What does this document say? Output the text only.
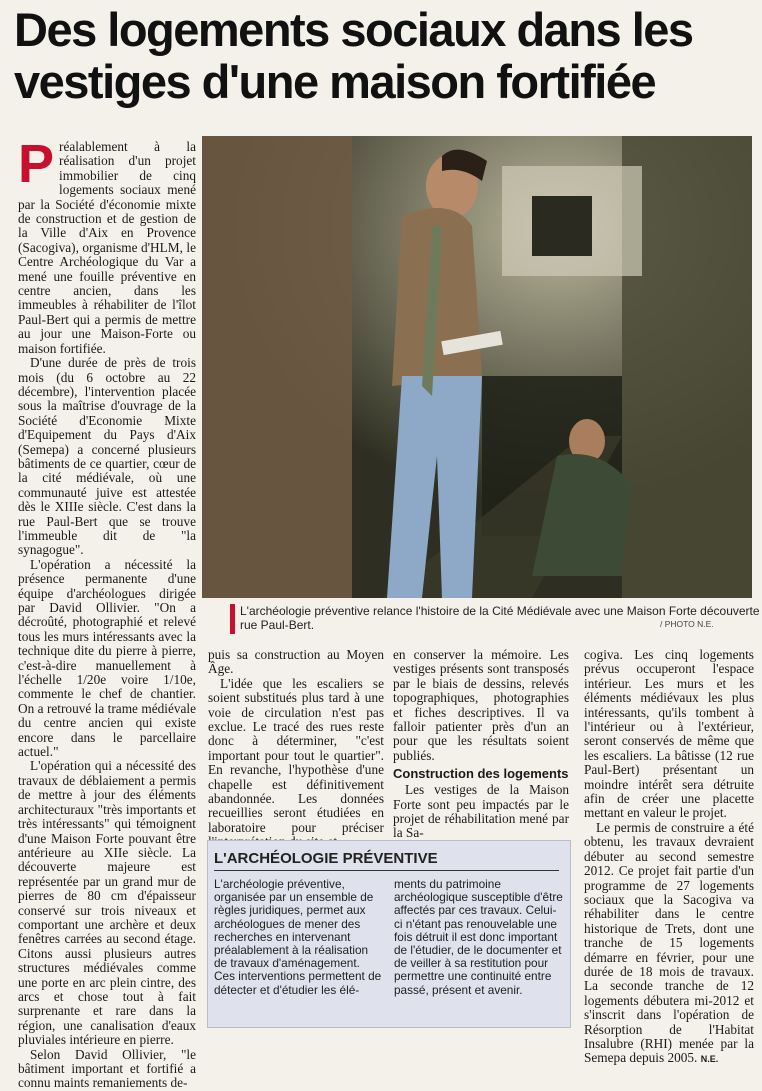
Des logements sociaux dans les vestiges d'une maison fortifiée

Préalablement à la réalisation d'un projet immobilier de cinq logements sociaux mené par la Société d'économie mixte de construction et de gestion de la Ville d'Aix en Provence (Sacogiva), organisme d'HLM, le Centre Archéologique du Var a mené une fouille préventive en centre ancien, dans les immeubles à réhabiliter de l'îlot Paul-Bert qui a permis de mettre au jour une Maison-Forte ou maison fortifiée.

D'une durée de près de trois mois (du 6 octobre au 22 décembre), l'intervention placée sous la maîtrise d'ouvrage de la Société d'Economie Mixte d'Equipement du Pays d'Aix (Semepa) a concerné plusieurs bâtiments de ce quartier, cœur de la cité médiévale, où une communauté juive est attestée dès le XIIIe siècle. C'est dans la rue Paul-Bert que se trouve l'immeuble dit de "la synagogue".

L'opération a nécessité la présence permanente d'une équipe d'archéologues dirigée par David Ollivier. "On a décroûté, photographié et relevé tous les murs intéressants avec la technique dite du pierre à pierre, c'est-à-dire manuellement à l'échelle 1/20e voire 1/10e, commente le chef de chantier. On a retrouvé la trame médiévale du centre ancien qui existe encore dans le parcellaire actuel."

L'opération qui a nécessité des travaux de déblaiement a permis de mettre à jour des éléments architecturaux "très importants et très intéressants" qui témoignent d'une Maison Forte pouvant être antérieure au XIIe siècle. La découverte majeure est représentée par un grand mur de pierres de 80 cm d'épaisseur conservé sur trois niveaux et comportant une archère et deux fenêtres carrées au second étage. Citons aussi plusieurs autres structures médiévales comme une porte en arc plein cintre, des arcs et chose tout à fait surprenante et rare dans la région, une canalisation d'eaux pluviales intérieure en pierre.

Selon David Ollivier, "le bâtiment important et fortifié a connu maints remaniements de-

L'archéologie préventive relance l'histoire de la Cité Médiévale avec une Maison Forte découverte rue Paul-Bert.	/ PHOTO N.E.

puis sa construction au Moyen Âge.

L'idée que les escaliers se soient substitués plus tard à une voie de circulation n'est pas exclue. Le tracé des rues reste donc à déterminer, "c'est important pour tout le quartier". En revanche, l'hypothèse d'une chapelle est définitivement abandonnée. Les données recueillies seront étudiées en laboratoire pour préciser

en conserver la mémoire. Les vestiges présents sont transposés par le biais de dessins, relevés topographiques, photographies et fiches descriptives. Il va falloir patienter près d'un an pour que les résultats soient publiés.

Construction des logements

Les vestiges de la Maison Forte sont peu impactés par le projet de réhabilitation mené par la Sa-

cogiva. Les cinq logements prévus occuperont l'espace intérieur. Les murs et les éléments médiévaux les plus intéressants, qu'ils tombent à l'intérieur ou à l'extérieur, seront conservés de même que les escaliers. La bâtisse (12 rue Paul-Bert) présentant un moindre intérêt sera détruite afin de créer une placette mettant en valeur le projet.

Le permis de construire a été obtenu, les travaux devraient débuter au second semestre 2012. Ce projet fait partie d'un programme de 27 logements sociaux que la Sacogiva va réhabiliter dans le centre historique de Trets, dont une tranche de 15 logements démarre en février, pour une durée de 18 mois de travaux. La seconde tranche de 12 logements débutera mi-2012 et s'inscrit dans l'opération de Résorption de l'Habitat Insalubre (RHI) menée par la Semepa depuis 2005. N.E.

L'ARCHÉOLOGIE PRÉVENTIVE
L'archéologie préventive, organisée par un ensemble de règles juridiques, permet aux archéologues de mener des recherches en intervenant préalablement à la réalisation de travaux d'aménagement. Ces interventions permettent de détecter et d'étudier les élé-
ments du patrimoine archéologique susceptible d'être affectés par ces travaux. Celui-ci n'étant pas renouvelable une fois détruit il est donc important de l'étudier, de le documenter et de veiller à sa restitution pour permettre une continuité entre passé, présent et avenir.
